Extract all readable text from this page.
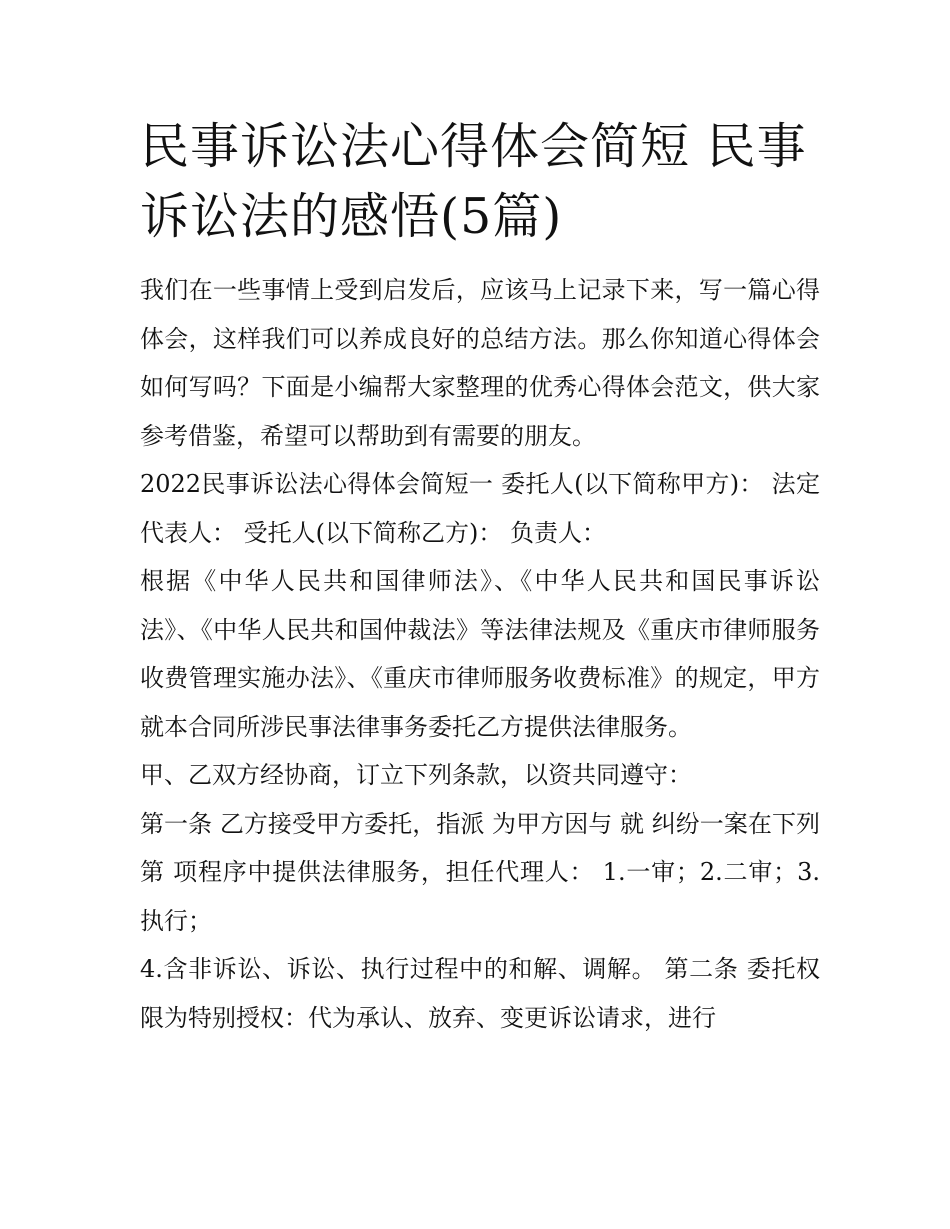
民事诉讼法心得体会简短 民事诉讼法的感悟(5篇)

我们在一些事情上受到启发后，应该马上记录下来，写一篇心得体会，这样我们可以养成良好的总结方法。那么你知道心得体会如何写吗？下面是小编帮大家整理的优秀心得体会范文，供大家参考借鉴，希望可以帮助到有需要的朋友。

2022民事诉讼法心得体会简短一 委托人(以下简称甲方)： 法定代表人： 受托人(以下简称乙方)： 负责人：

根据《中华人民共和国律师法》、《中华人民共和国民事诉讼法》、《中华人民共和国仲裁法》等法律法规及《重庆市律师服务收费管理实施办法》、《重庆市律师服务收费标准》的规定，甲方就本合同所涉民事法律事务委托乙方提供法律服务。

甲、乙双方经协商，订立下列条款，以资共同遵守：

第一条 乙方接受甲方委托，指派 为甲方因与 就 纠纷一案在下列第 项程序中提供法律服务，担任代理人： 1.一审；2.二审；3.执行；

4.含非诉讼、诉讼、执行过程中的和解、调解。 第二条 委托权限为特别授权：代为承认、放弃、变更诉讼请求，进行
